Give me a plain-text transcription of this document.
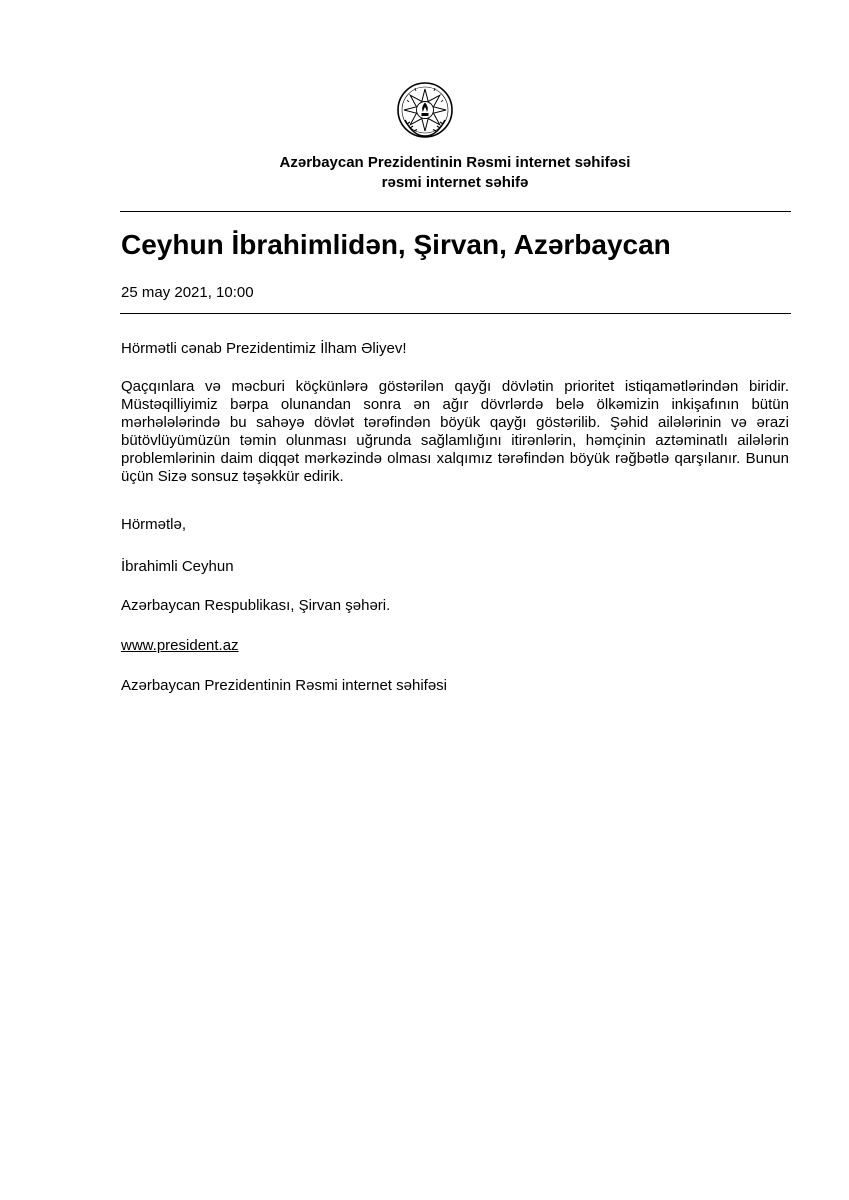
Azərbaycan Prezidentinin Rəsmi internet səhifəsi
rəsmi internet səhifə
Ceyhun İbrahimlidən, Şirvan, Azərbaycan
25 may 2021, 10:00
Hörmətli cənab Prezidentimiz İlham Əliyev!
Qaçqınlara və məcburi köçkünlərə göstərilən qayğı dövlətin prioritet istiqamətlərindən biridir. Müstəqilliyimiz bərpa olunandan sonra ən ağır dövrlərdə belə ölkəmizin inkişafının bütün mərhələlərində bu sahəyə dövlət tərəfindən böyük qayğı göstərilib. Şəhid ailələrinin və ərazi bütövlüyümüzün təmin olunması uğrunda sağlamlığını itirənlərin, həmçinin aztəminatlı ailələrin problemlərinin daim diqqət mərkəzində olması xalqımız tərəfindən böyük rəğbətlə qarşılanır. Bunun üçün Sizə sonsuz təşəkkür edirik.
Hörmətlə,
İbrahimli Ceyhun
Azərbaycan Respublikası, Şirvan şəhəri.
www.president.az
Azərbaycan Prezidentinin Rəsmi internet səhifəsi
